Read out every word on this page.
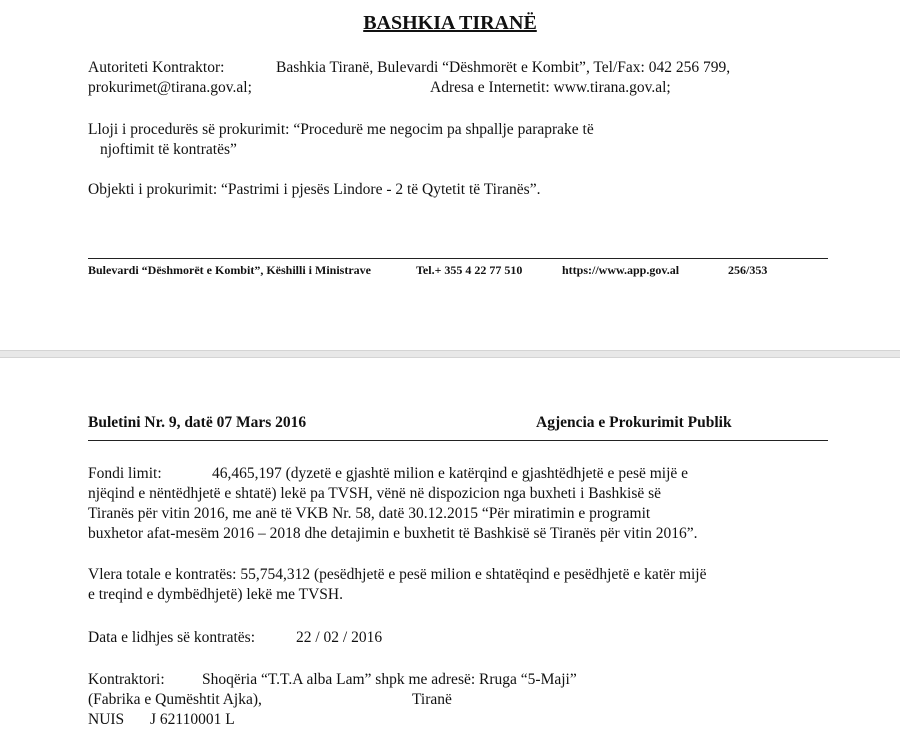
BASHKIA TIRANË
Autoriteti Kontraktor:	Bashkia Tiranë, Bulevardi “Dëshmorët e Kombit”, Tel/Fax: 042 256 799,
prokurimet@tirana.gov.al;	Adresa e Internetit: www.tirana.gov.al;
Lloji i procedurës së prokurimit: “Procedurë me negocim pa shpallje paraprake të
njoftimit të kontratës”
Objekti i prokurimit: “Pastrimi i pjesës Lindore - 2 të Qytetit të Tiranës”.
Bulevardi “Dëshmorët e Kombit”, Këshilli i Ministrave	Tel.+ 355 4 22 77 510	https://www.app.gov.al	256/353
Buletini Nr. 9, datë 07 Mars 2016	Agjencia e Prokurimit Publik
Fondi limit:	46,465,197 (dyzetë e gjashtë milion e katërqind e gjashtëdhjetë e pesë mijë e
njëqind e nëntëdhjetë e shtatë) lekë pa TVSH, vënë në dispozicion nga buxheti i Bashkisë së
Tiranës për vitin 2016, me anë të VKB Nr. 58, datë 30.12.2015 “Për miratimin e programit
buxhetor afat-mesëm 2016 – 2018 dhe detajimin e buxhetit të Bashkisë së Tiranës për vitin 2016”.
Vlera totale e kontratës: 55,754,312 (pesëdhjetë e pesë milion e shtatëqind e pesëdhjetë e katër mijë
e treqind e dymbëdhjetë) lekë me TVSH.
Data e lidhjes së kontratës:	22 / 02 / 2016
Kontraktori: Shoqëria “T.T.A alba Lam” shpk me adresë: Rruga “5-Maji”
(Fabrika e Qumështit Ajka),	Tiranë
NUIS J 62110001 L
